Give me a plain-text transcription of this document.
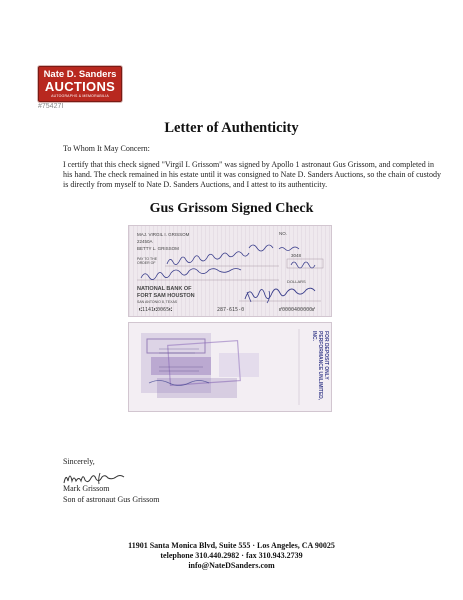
Nate D. Sanders
AUCTIONS
AUTOGRAPHS & MEMORABILIA
#75427I
Letter of Authenticity
To Whom It May Concern:
I certify that this check signed "Virgil I. Grissom" was signed by Apollo 1 astronaut Gus Grissom, and completed in his hand. The check remained in his estate until it was consigned to Nate D. Sanders Auctions, so the chain of custody is directly from myself to Nate D. Sanders Auctions, and I attest to its authenticity.
Gus Grissom Signed Check
MAJ. VIRGIL I. GRISSOM
22450A
BETTY L. GRISSOM
NO.
3048
PAY TO THE ORDER OF
DOLLARS
NATIONAL BANK OF
FORT SAM HOUSTON
SAN ANTONIO 8, TEXAS
⑆1141⑆0065⑆	287-615-0	⑈0000400000⑈
FOR DEPOSIT ONLY
PERFORMANCE UNLIMITED, INC.
Sincerely,
Mark Grissom
Son of astronaut Gus Grissom
11901 Santa Monica Blvd, Suite 555 · Los Angeles, CA 90025
telephone 310.440.2982 · fax 310.943.2739
info@NateDSanders.com
